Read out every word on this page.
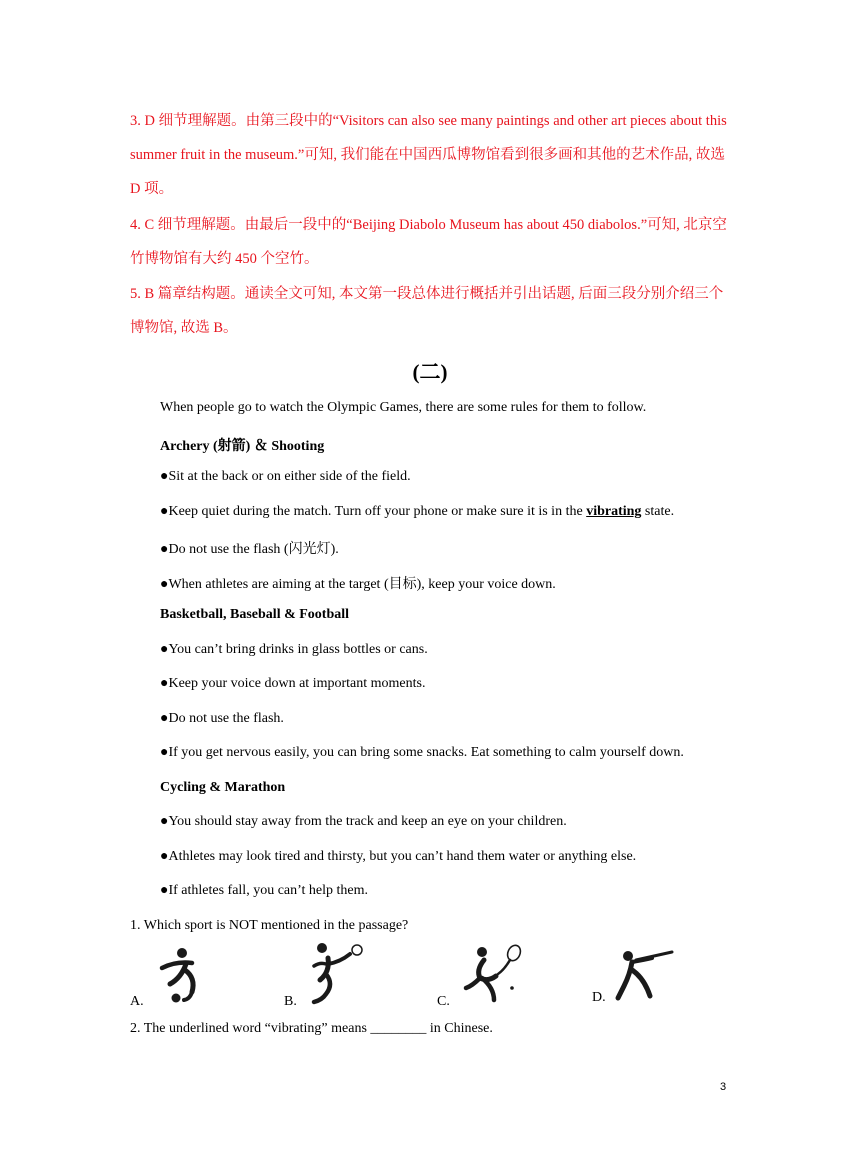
3. D 细节理解题。由第三段中的“Visitors can also see many paintings and other art pieces about this summer fruit in the museum.”可知, 我们能在中国西瓜博物馆看到很多画和其他的艺术作品, 故选 D 项。
4. C 细节理解题。由最后一段中的“Beijing Diabolo Museum has about 450 diabolos.”可知, 北京空竹博物馆有大约 450 个空竹。
5. B 篇章结构题。通读全文可知, 本文第一段总体进行概括并引出话题, 后面三段分别介绍三个博物馆, 故选 B。
(二)
When people go to watch the Olympic Games, there are some rules for them to follow.
Archery (射箭) ＆ Shooting
●Sit at the back or on either side of the field.
●Keep quiet during the match. Turn off your phone or make sure it is in the vibrating state.
●Do not use the flash (闪光灯).
●When athletes are aiming at the target (目标), keep your voice down.
Basketball, Baseball & Football
●You can’t bring drinks in glass bottles or cans.
●Keep your voice down at important moments.
●Do not use the flash.
●If you get nervous easily, you can bring some snacks. Eat something to calm yourself down.
Cycling & Marathon
●You should stay away from the track and keep an eye on your children.
●Athletes may look tired and thirsty, but you can’t hand them water or anything else.
●If athletes fall, you can’t help them.
1. Which sport is NOT mentioned in the passage?
A.	B.	C.	D.
2. The underlined word “vibrating” means ________ in Chinese.
3
